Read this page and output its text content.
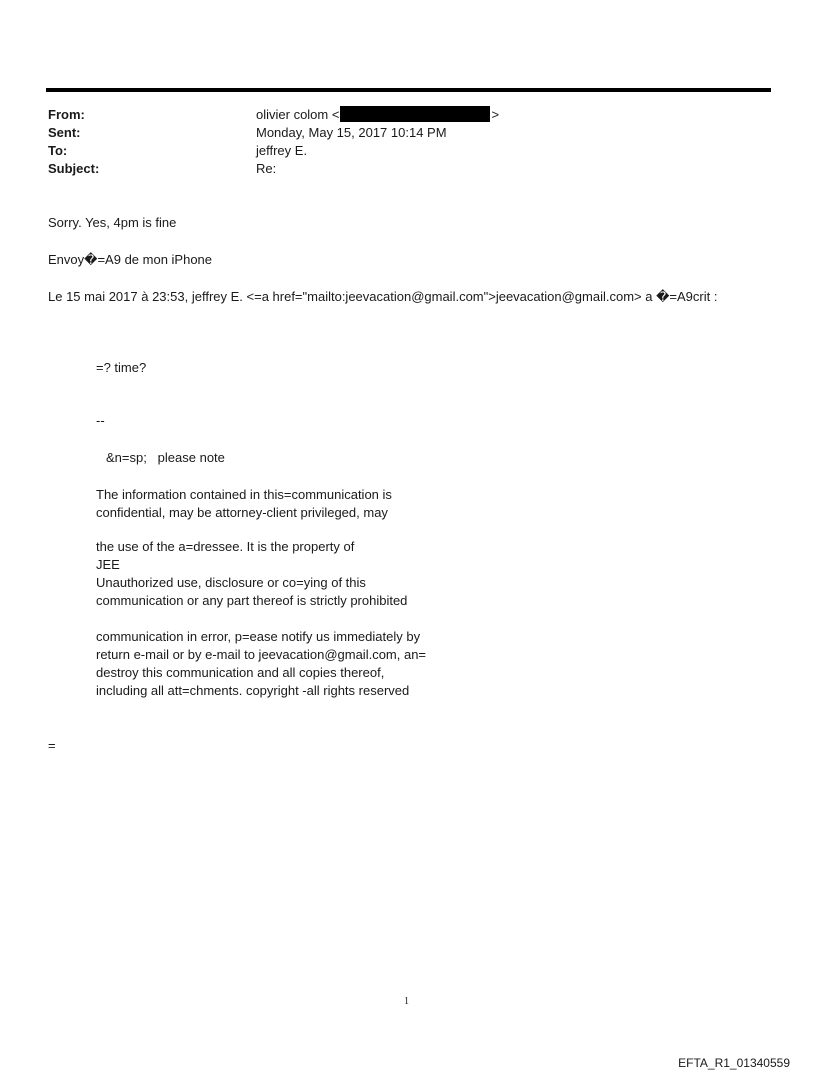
From:	olivier colom <	>
Sent:	Monday, May 15, 2017 10:14 PM
To:	jeffrey E.
Subject:	Re:
Sorry. Yes, 4pm is fine
Envoy�=A9 de mon iPhone
Le 15 mai 2017 à 23:53, jeffrey E. <=a href="mailto:jeevacation@gmail.com">jeevacation@gmail.com> a �=A9crit :
=? time?
--
&n=sp;   please note
The information contained in this=communication is
confidential, may be attorney-client privileged, may
the use of the a=dressee. It is the property of
JEE
Unauthorized use, disclosure or co=ying of this
communication or any part thereof is strictly prohibited
communication in error, p=ease notify us immediately by
return e-mail or by e-mail to jeevacation@gmail.com, an=
destroy this communication and all copies thereof,
including all att=chments. copyright -all rights reserved
=
1
EFTA_R1_01340559
